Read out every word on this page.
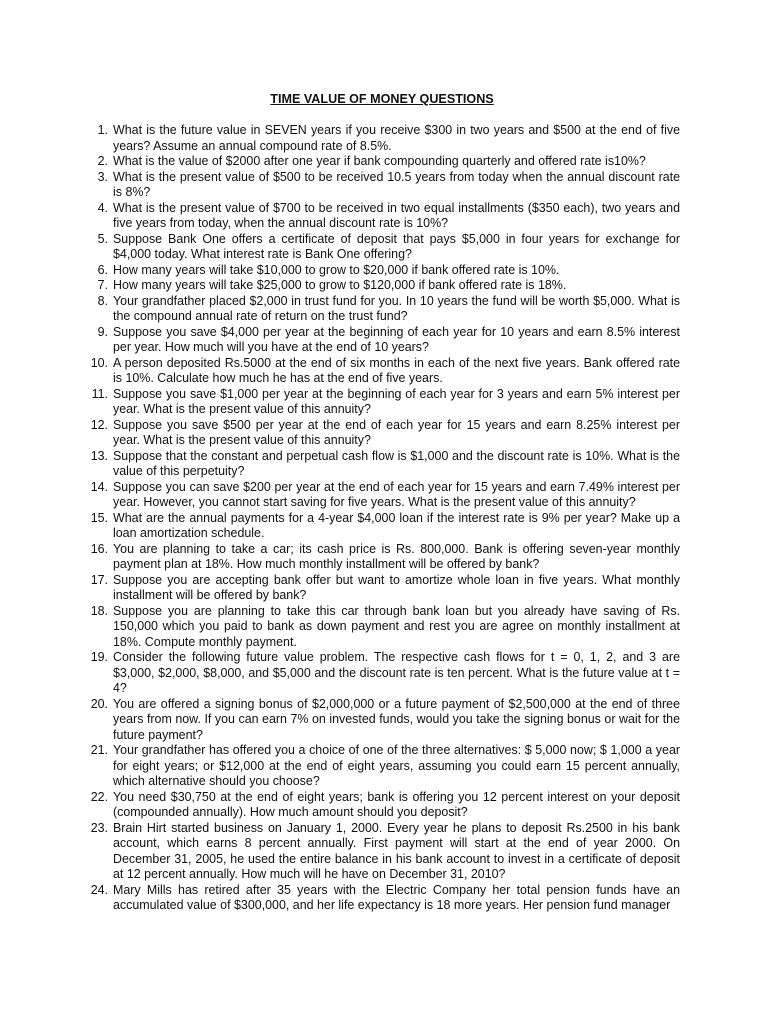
TIME VALUE OF MONEY QUESTIONS
1. What is the future value in SEVEN years if you receive $300 in two years and $500 at the end of five years? Assume an annual compound rate of 8.5%.
2. What is the value of $2000 after one year if bank compounding quarterly and offered rate is10%?
3. What is the present value of $500 to be received 10.5 years from today when the annual discount rate is 8%?
4. What is the present value of $700 to be received in two equal installments ($350 each), two years and five years from today, when the annual discount rate is 10%?
5. Suppose Bank One offers a certificate of deposit that pays $5,000 in four years for exchange for $4,000 today. What interest rate is Bank One offering?
6. How many years will take $10,000 to grow to $20,000 if bank offered rate is 10%.
7. How many years will take $25,000 to grow to $120,000 if bank offered rate is 18%.
8. Your grandfather placed $2,000 in trust fund for you. In 10 years the fund will be worth $5,000. What is the compound annual rate of return on the trust fund?
9. Suppose you save $4,000 per year at the beginning of each year for 10 years and earn 8.5% interest per year. How much will you have at the end of 10 years?
10. A person deposited Rs.5000 at the end of six months in each of the next five years. Bank offered rate is 10%. Calculate how much he has at the end of five years.
11. Suppose you save $1,000 per year at the beginning of each year for 3 years and earn 5% interest per year. What is the present value of this annuity?
12. Suppose you save $500 per year at the end of each year for 15 years and earn 8.25% interest per year. What is the present value of this annuity?
13. Suppose that the constant and perpetual cash flow is $1,000 and the discount rate is 10%. What is the value of this perpetuity?
14. Suppose you can save $200 per year at the end of each year for 15 years and earn 7.49% interest per year. However, you cannot start saving for five years. What is the present value of this annuity?
15. What are the annual payments for a 4-year $4,000 loan if the interest rate is 9% per year? Make up a loan amortization schedule.
16. You are planning to take a car; its cash price is Rs. 800,000. Bank is offering seven-year monthly payment plan at 18%. How much monthly installment will be offered by bank?
17. Suppose you are accepting bank offer but want to amortize whole loan in five years. What monthly installment will be offered by bank?
18. Suppose you are planning to take this car through bank loan but you already have saving of Rs. 150,000 which you paid to bank as down payment and rest you are agree on monthly installment at 18%. Compute monthly payment.
19. Consider the following future value problem. The respective cash flows for t = 0, 1, 2, and 3 are $3,000, $2,000, $8,000, and $5,000 and the discount rate is ten percent. What is the future value at t = 4?
20. You are offered a signing bonus of $2,000,000 or a future payment of $2,500,000 at the end of three years from now. If you can earn 7% on invested funds, would you take the signing bonus or wait for the future payment?
21. Your grandfather has offered you a choice of one of the three alternatives: $ 5,000 now; $ 1,000 a year for eight years; or $12,000 at the end of eight years, assuming you could earn 15 percent annually, which alternative should you choose?
22. You need $30,750 at the end of eight years; bank is offering you 12 percent interest on your deposit (compounded annually). How much amount should you deposit?
23. Brain Hirt started business on January 1, 2000. Every year he plans to deposit Rs.2500 in his bank account, which earns 8 percent annually. First payment will start at the end of year 2000. On December 31, 2005, he used the entire balance in his bank account to invest in a certificate of deposit at 12 percent annually. How much will he have on December 31, 2010?
24. Mary Mills has retired after 35 years with the Electric Company her total pension funds have an accumulated value of $300,000, and her life expectancy is 18 more years. Her pension fund manager
